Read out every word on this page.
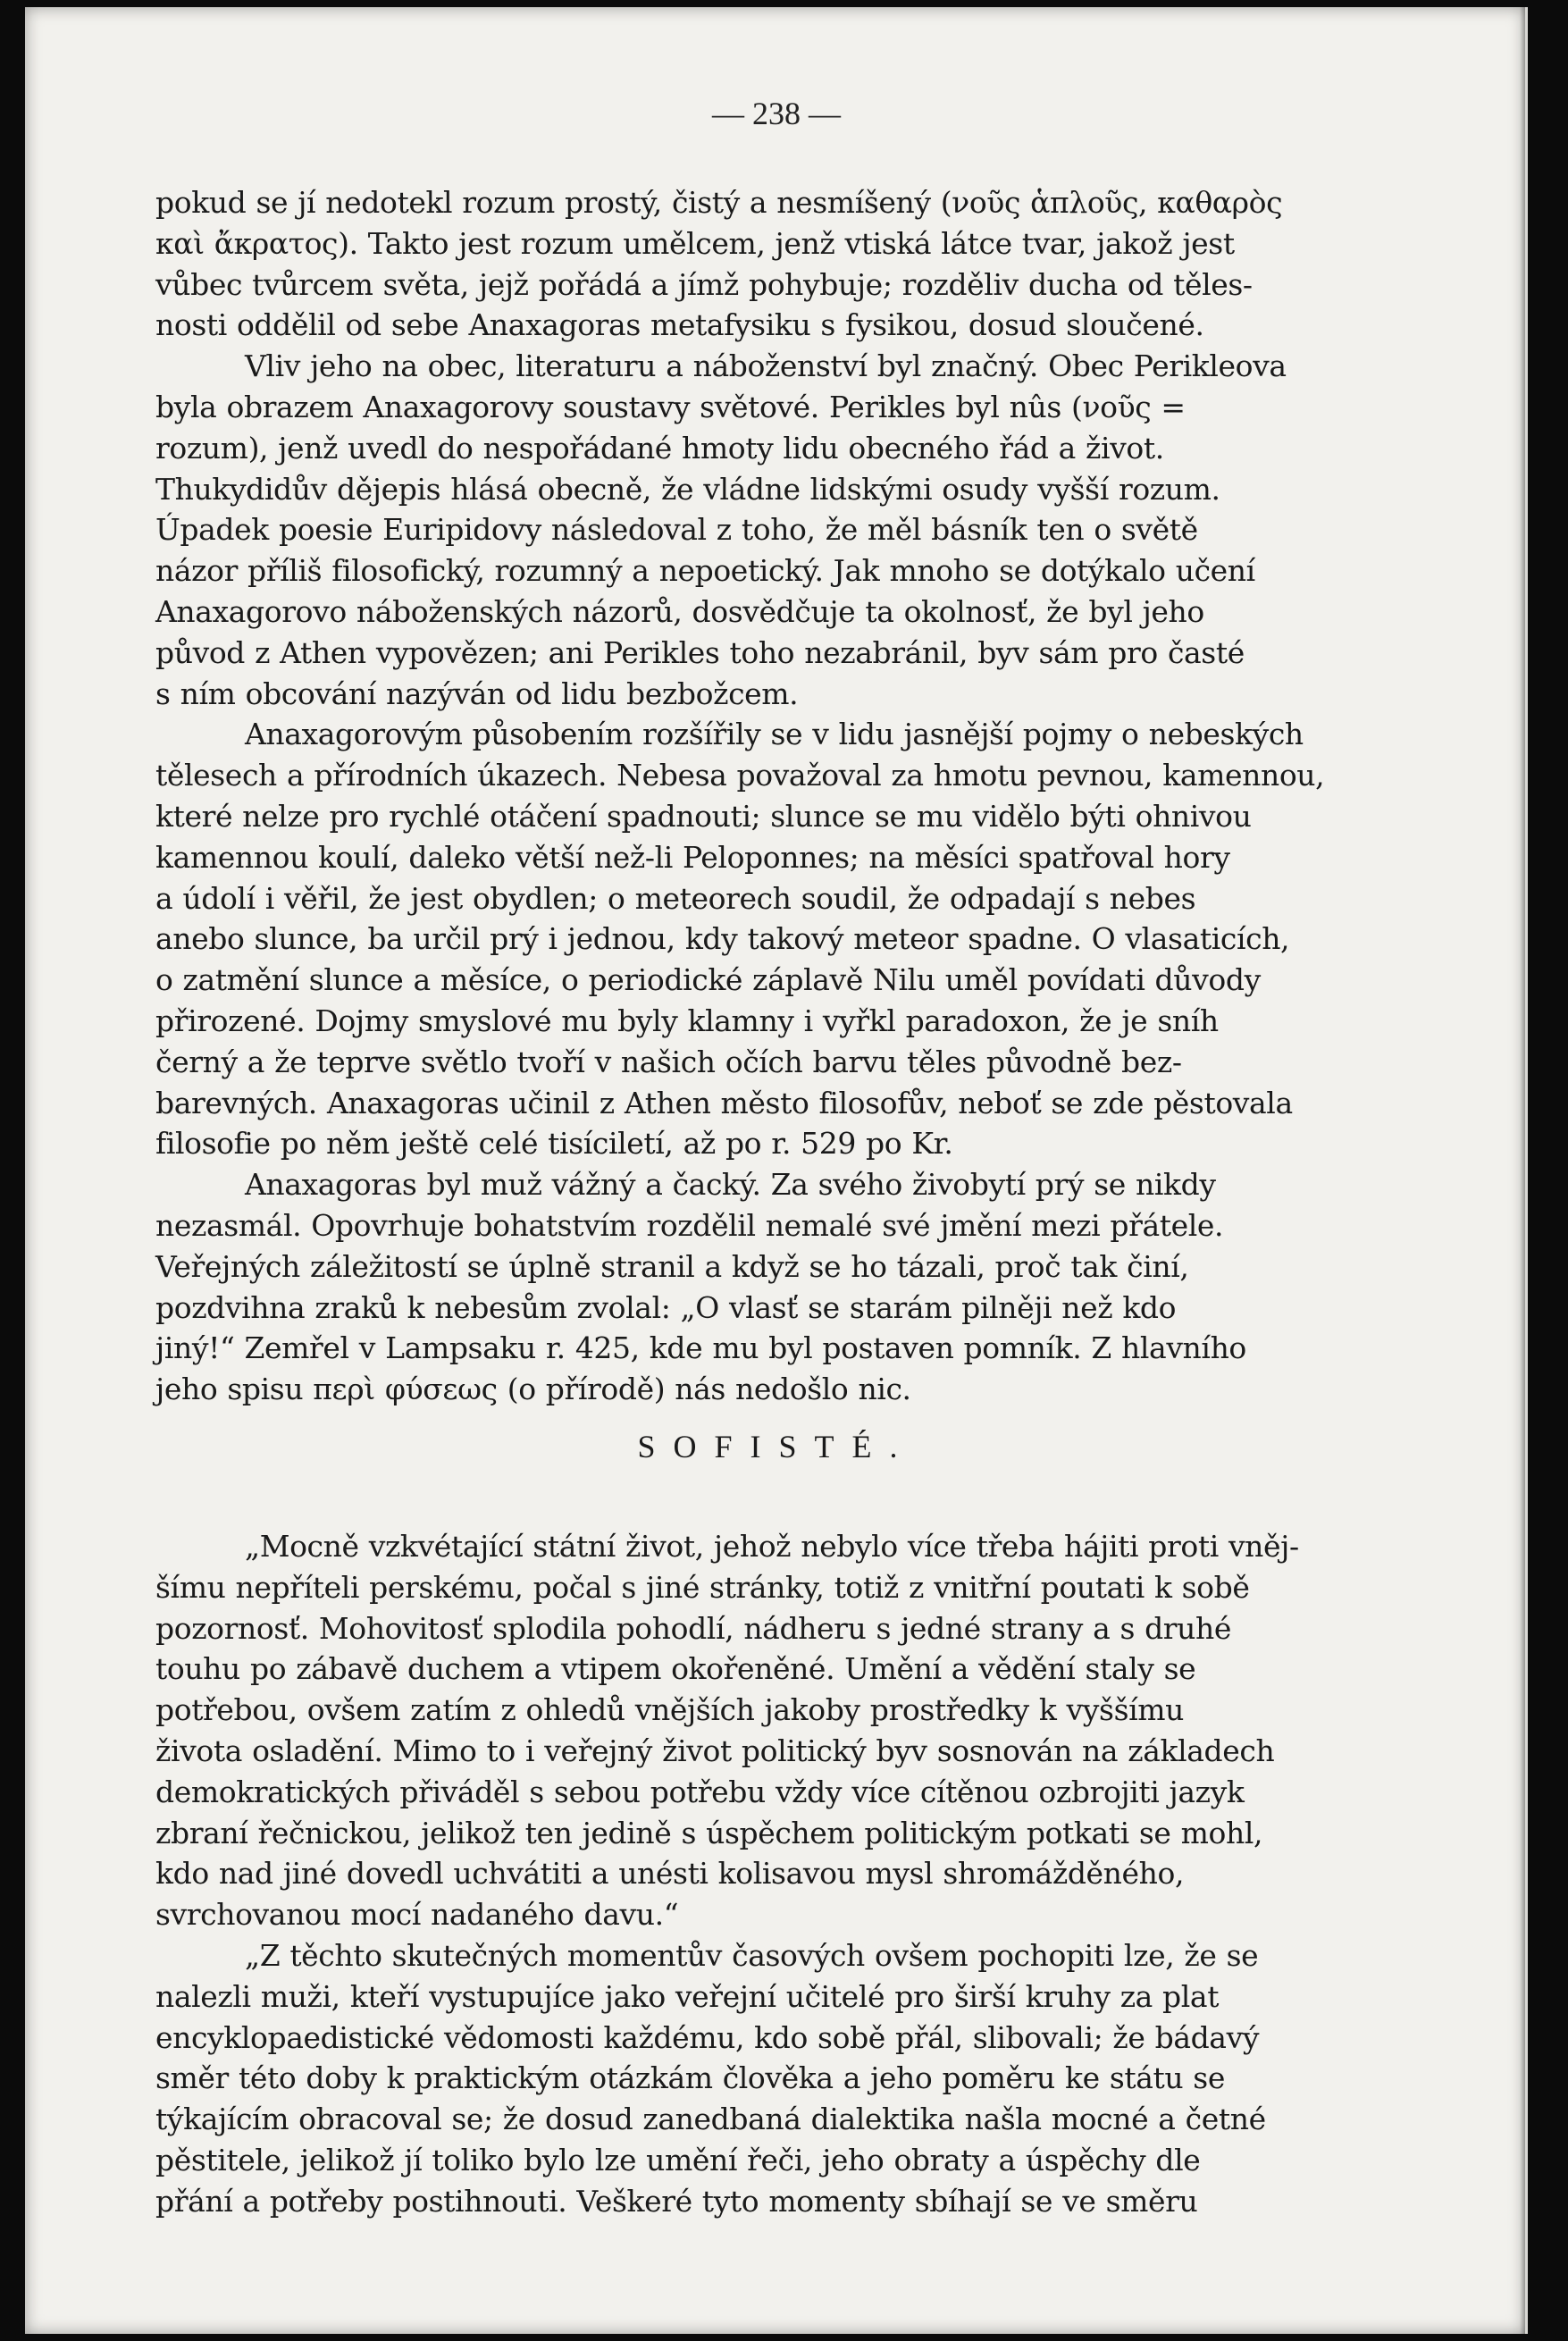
— 238 —

pokud se jí nedotekl rozum prostý, čistý a nesmíšený (νοῦς ἁπλοῦς, καθαρὸς
καὶ ἄκρατος). Takto jest rozum umělcem, jenž vtiská látce tvar, jakož jest
vůbec tvůrcem světa, jejž pořádá a jímž pohybuje; rozděliv ducha od těles-
nosti oddělil od sebe Anaxagoras metafysiku s fysikou, dosud sloučené.

Vliv jeho na obec, literaturu a náboženství byl značný. Obec Perikleova
byla obrazem Anaxagorovy soustavy světové. Perikles byl nûs (νοῦς =
rozum), jenž uvedl do nespořádané hmoty lidu obecného řád a život.
Thukydidův dějepis hlásá obecně, že vládne lidskými osudy vyšší rozum.
Úpadek poesie Euripidovy následoval z toho, že měl básník ten o světě
názor příliš filosofický, rozumný a nepoetický. Jak mnoho se dotýkalo učení
Anaxagorovo náboženských názorů, dosvědčuje ta okolnosť, že byl jeho
původ z Athen vypovězen; ani Perikles toho nezabránil, byv sám pro časté
s ním obcování nazýván od lidu bezbožcem.

Anaxagorovým působením rozšířily se v lidu jasnější pojmy o nebeských
tělesech a přírodních úkazech. Nebesa považoval za hmotu pevnou, kamennou,
které nelze pro rychlé otáčení spadnouti; slunce se mu vidělo býti ohnivou
kamennou koulí, daleko větší než-li Peloponnes; na měsíci spatřoval hory
a údolí i věřil, že jest obydlen; o meteorech soudil, že odpadají s nebes
anebo slunce, ba určil prý i jednou, kdy takový meteor spadne. O vlasaticích,
o zatmění slunce a měsíce, o periodické záplavě Nilu uměl povídati důvody
přirozené. Dojmy smyslové mu byly klamny i vyřkl paradoxon, že je sníh
černý a že teprve světlo tvoří v našich očích barvu těles původně bez-
barevných. Anaxagoras učinil z Athen město filosofův, neboť se zde pěstovala
filosofie po něm ještě celé tisíciletí, až po r. 529 po Kr.

Anaxagoras byl muž vážný a čacký. Za svého živobytí prý se nikdy
nezasmál. Opovrhuje bohatstvím rozdělil nemalé své jmění mezi přátele.
Veřejných záležitostí se úplně stranil a když se ho tázali, proč tak činí,
pozdvihna zraků k nebesům zvolal: „O vlasť se starám pilněji než kdo
jiný!“ Zemřel v Lampsaku r. 425, kde mu byl postaven pomník. Z hlavního
jeho spisu περὶ φύσεως (o přírodě) nás nedošlo nic.

SOFISTÉ.

„Mocně vzkvétající státní život, jehož nebylo více třeba hájiti proti vněj-
šímu nepříteli perskému, počal s jiné stránky, totiž z vnitřní poutati k sobě
pozornosť. Mohovitosť splodila pohodlí, nádheru s jedné strany a s druhé
touhu po zábavě duchem a vtipem okořeněné. Umění a vědění staly se
potřebou, ovšem zatím z ohledů vnějších jakoby prostředky k vyššímu
života osladění. Mimo to i veřejný život politický byv sosnován na základech
demokratických přiváděl s sebou potřebu vždy více cítěnou ozbrojiti jazyk
zbraní řečnickou, jelikož ten jedině s úspěchem politickým potkati se mohl,
kdo nad jiné dovedl uchvátiti a unésti kolisavou mysl shromážděného,
svrchovanou mocí nadaného davu.“

„Z těchto skutečných momentův časových ovšem pochopiti lze, že se
nalezli muži, kteří vystupujíce jako veřejní učitelé pro širší kruhy za plat
encyklopaedistické vědomosti každému, kdo sobě přál, slibovali; že bádavý
směr této doby k praktickým otázkám člověka a jeho poměru ke státu se
týkajícím obracoval se; že dosud zanedbaná dialektika našla mocné a četné
pěstitele, jelikož jí toliko bylo lze umění řeči, jeho obraty a úspěchy dle
přání a potřeby postihnouti. Veškeré tyto momenty sbíhají se ve směru
